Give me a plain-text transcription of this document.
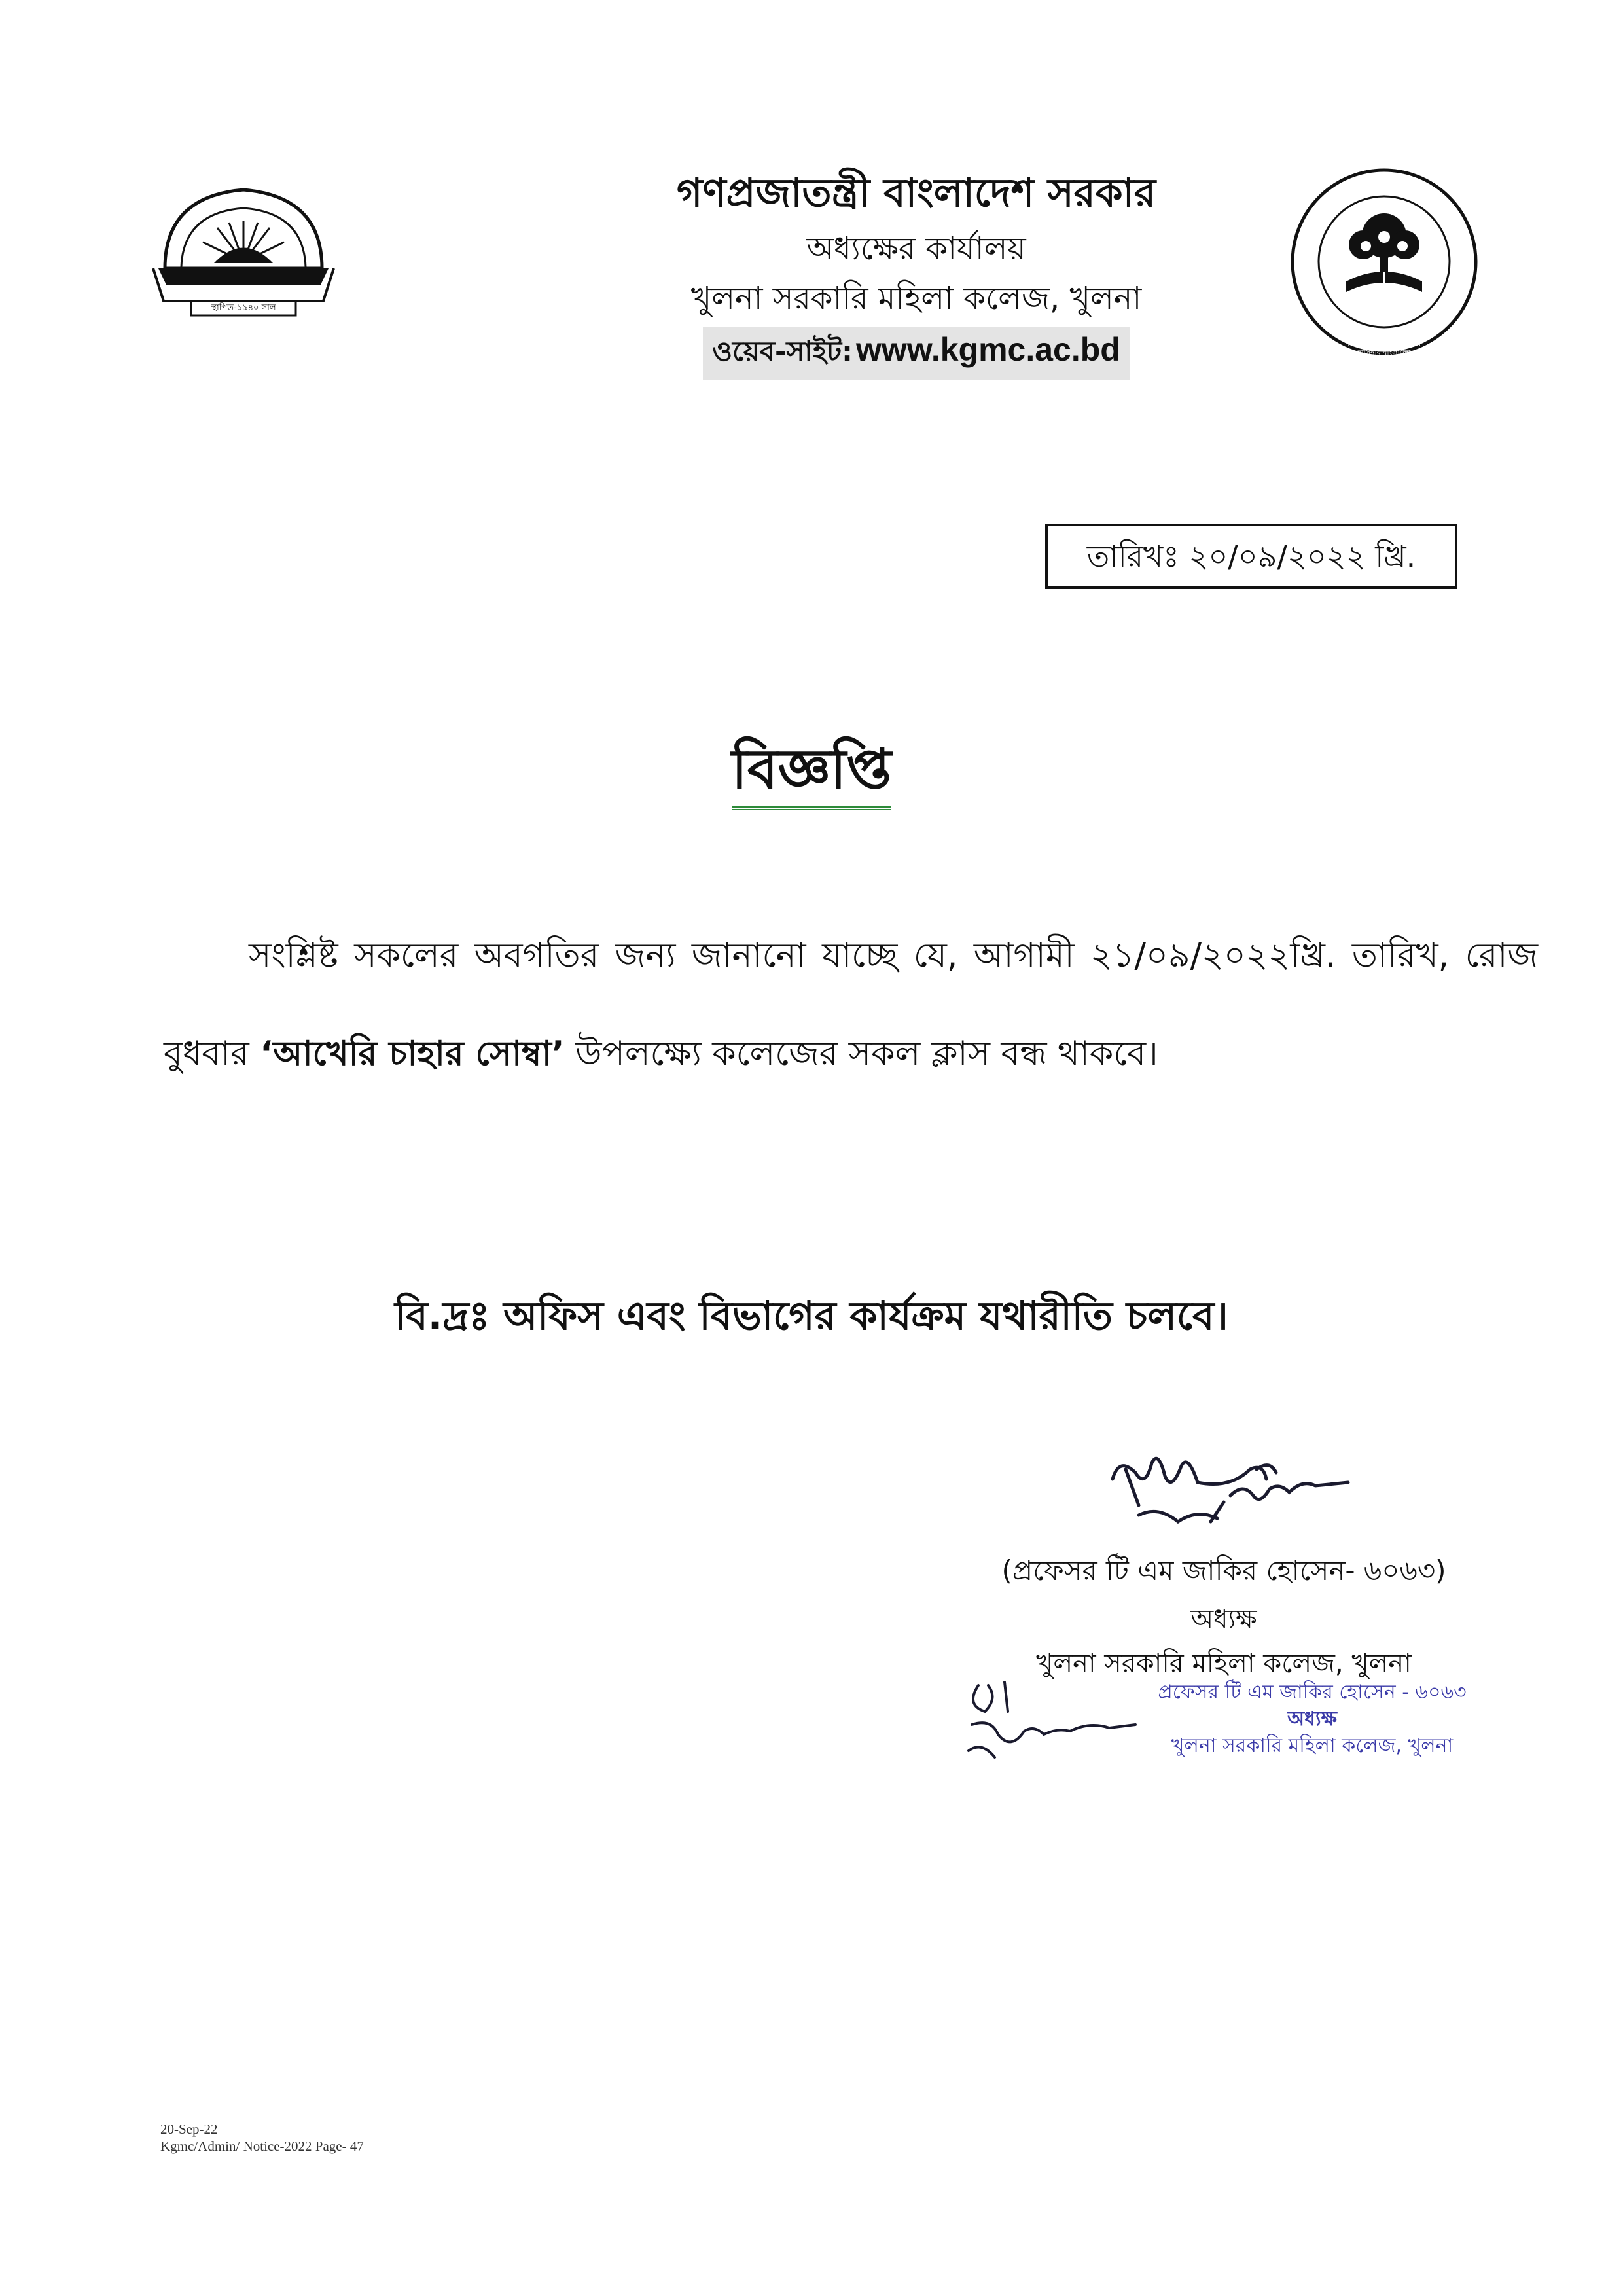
স্থাপিত-১৯৪০ সাল
গণপ্রজাতন্ত্রী বাংলাদেশ সরকার
অধ্যক্ষের কার্যালয়
খুলনা সরকারি মহিলা কলেজ, খুলনা
ওয়েব-সাইট: www.kgmc.ac.bd	শিক্ষা নিয়ে গড়ব দেশ শেখ হাসিনার বাংলাদেশ
তারিখঃ ২০/০৯/২০২২ খ্রি.
বিজ্ঞপ্তি
সংশ্লিষ্ট সকলের অবগতির জন্য জানানো যাচ্ছে যে, আগামী ২১/০৯/২০২২খ্রি. তারিখ, রোজ বুধবার ‘আখেরি চাহার সোম্বা’ উপলক্ষ্যে কলেজের সকল ক্লাস বন্ধ থাকবে।
বি.দ্রঃ অফিস এবং বিভাগের কার্যক্রম যথারীতি চলবে।
(প্রফেসর টি এম জাকির হোসেন- ৬০৬৩)
অধ্যক্ষ
খুলনা সরকারি মহিলা কলেজ, খুলনা
প্রফেসর টি এম জাকির হোসেন - ৬০৬৩
অধ্যক্ষ
খুলনা সরকারি মহিলা কলেজ, খুলনা
20-Sep-22
Kgmc/Admin/ Notice-2022 Page- 47
